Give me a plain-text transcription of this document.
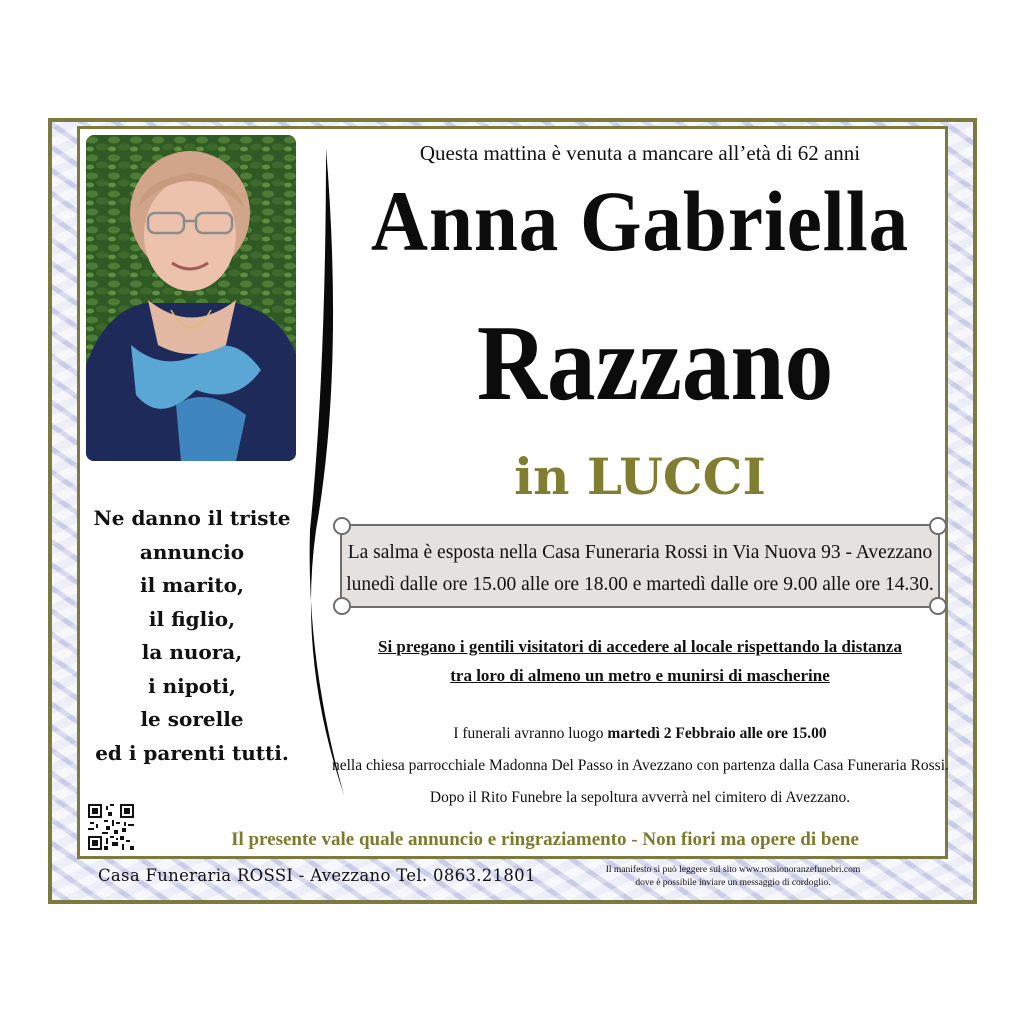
Ne danno il triste
annuncio
il marito,
il figlio,
la nuora,
i nipoti,
le sorelle
ed i parenti tutti.
Questa mattina è venuta a mancare all’età di 62 anni
Anna Gabriella
Razzano
in LUCCI
La salma è esposta nella Casa Funeraria Rossi in Via Nuova 93 - Avezzano
lunedì dalle ore 15.00 alle ore 18.00 e martedì dalle ore 9.00 alle ore 14.30.
Si pregano i gentili visitatori di accedere al locale rispettando la distanza
tra loro di almeno un metro e munirsi di mascherine
I funerali avranno luogo martedì 2 Febbraio alle ore 15.00
nella chiesa parrocchiale Madonna Del Passo in Avezzano con partenza dalla Casa Funeraria Rossi.
Dopo il Rito Funebre la sepoltura avverrà nel cimitero di Avezzano.
Il presente vale quale annuncio e ringraziamento - Non fiori ma opere di bene
Casa Funeraria ROSSI - Avezzano Tel. 0863.21801	Il manifesto si può leggere sul sito www.rossionoranzefunebri.com
dove è possibile inviare un messaggio di cordoglio.
